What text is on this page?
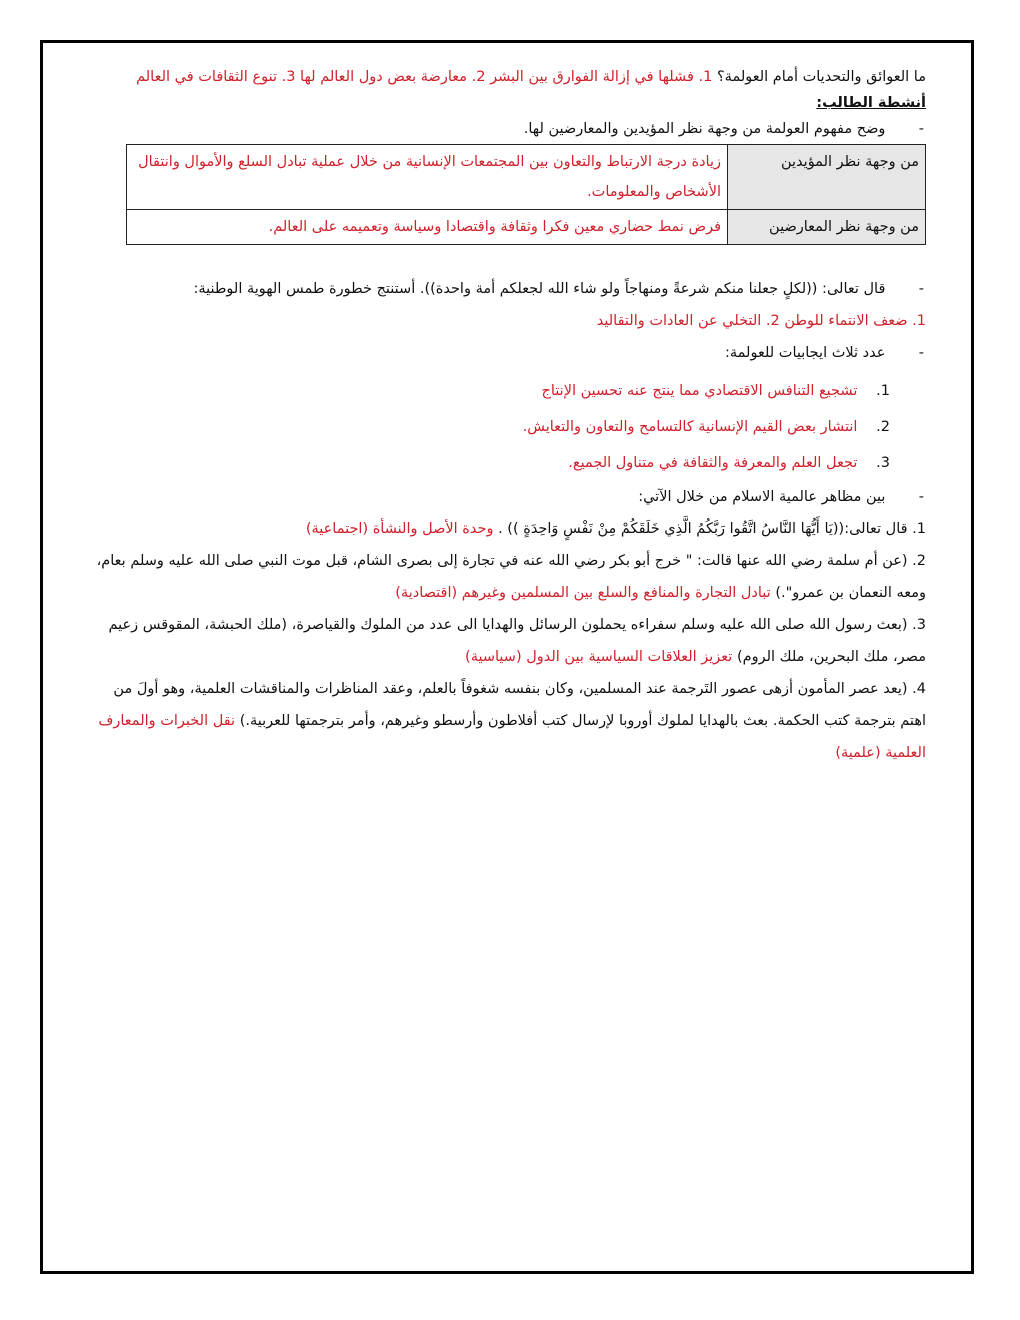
ما العوائق والتحديات أمام العولمة؟ 1. فشلها في إزالة الفوارق بين البشر 2. معارضة بعض دول العالم لها 3. تنوع الثقافات في العالم
أنشطة الطالب:
- وضح مفهوم العولمة من وجهة نظر المؤيدين والمعارضين لها.
من وجهة نظر المؤيدين	زيادة درجة الارتباط والتعاون بين المجتمعات الإنسانية من خلال عملية تبادل السلع والأموال وانتقال الأشخاص والمعلومات.
من وجهة نظر المعارضين	فرض نمط حضاري معين فكرا وثقافة واقتصادا وسياسة وتعميمه على العالم.
- قال تعالى: ((لكلٍ جعلنا منكم شرعةً ومنهاجاً ولو شاء الله لجعلكم أمة واحدة)). أستنتج خطورة طمس الهوية الوطنية:
1. ضعف الانتماء للوطن 2. التخلي عن العادات والتقاليد
- عدد ثلاث ايجابيات للعولمة:
1. تشجيع التنافس الاقتصادي مما ينتج عنه تحسين الإنتاج
2. انتشار بعض القيم الإنسانية كالتسامح والتعاون والتعايش.
3. تجعل العلم والمعرفة والثقافة في متناول الجميع.
- بين مظاهر عالمية الاسلام من خلال الآتي:
1. قال تعالى:((يَا أَيُّهَا النَّاسُ اتَّقُوا رَبَّكُمُ الَّذِي خَلَقَكُمْ مِنْ نَفْسٍ وَاحِدَةٍ )) . وحدة الأصل والنشأة (اجتماعية)
2. (عن أم سلمة رضي الله عنها قالت: " خرج أبو بكر رضي الله عنه في تجارة إلى بصرى الشام، قبل موت النبي صلى الله عليه وسلم بعام، ومعه النعمان بن عمرو".) تبادل التجارة والمنافع والسلع بين المسلمين وغيرهم (اقتصادية)
3. (بعث رسول الله صلى الله عليه وسلم سفراءه يحملون الرسائل والهدايا الى عدد من الملوك والقياصرة، (ملك الحبشة، المقوقس زعيم مصر، ملك البحرين، ملك الروم) تعزيز العلاقات السياسية بين الدول (سياسية)
4. (يعد عصر المأمون أزهى عصور التَرجمة عند المسلمين، وكان بنفسه شغوفاً بالعلم، وعقد المناظرات والمناقشات العلمية، وهو أولَ من اهتم بترجمة كتب الحكمة. بعث بالهدايا لملوك أوروبا لإرسال كتب أفلاطون وأرسطو وغيرهم، وأمر بترجمتها للعربية.) نقل الخبرات والمعارف العلمية (علمية)
